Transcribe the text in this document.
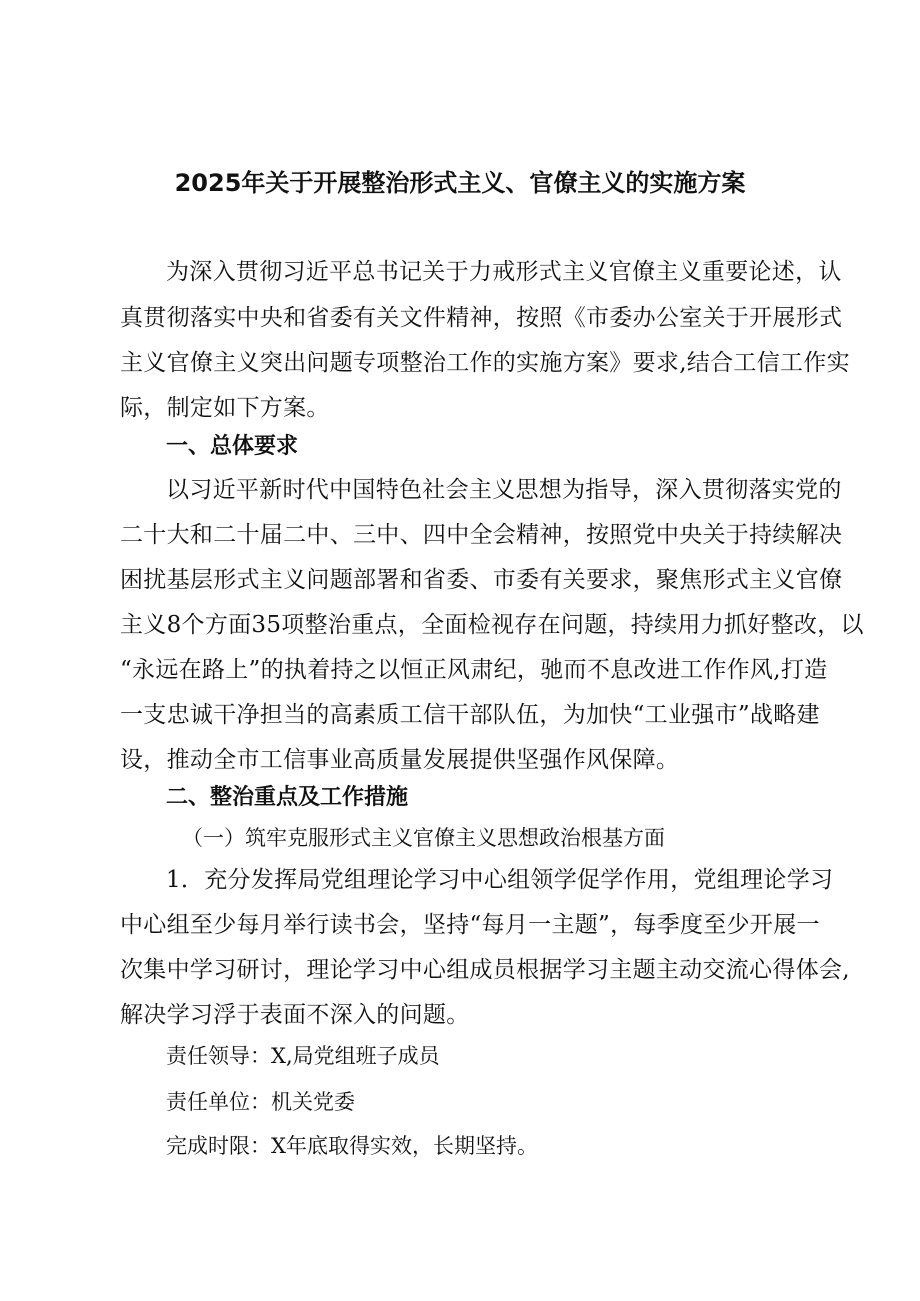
2025年关于开展整治形式主义、官僚主义的实施方案
为深入贯彻习近平总书记关于力戒形式主义官僚主义重要论述，认
真贯彻落实中央和省委有关文件精神，按照《市委办公室关于开展形式
主义官僚主义突出问题专项整治工作的实施方案》要求,结合工信工作实
际，制定如下方案。
一、总体要求
以习近平新时代中国特色社会主义思想为指导，深入贯彻落实党的
二十大和二十届二中、三中、四中全会精神，按照党中央关于持续解决
困扰基层形式主义问题部署和省委、市委有关要求，聚焦形式主义官僚
主义8个方面35项整治重点，全面检视存在问题，持续用力抓好整改，以
“永远在路上”的执着持之以恒正风肃纪，驰而不息改进工作作风,打造
一支忠诚干净担当的高素质工信干部队伍，为加快“工业强市”战略建
设，推动全市工信事业高质量发展提供坚强作风保障。
二、整治重点及工作措施
（一）筑牢克服形式主义官僚主义思想政治根基方面
1．充分发挥局党组理论学习中心组领学促学作用，党组理论学习
中心组至少每月举行读书会，坚持“每月一主题”，每季度至少开展一
次集中学习研讨，理论学习中心组成员根据学习主题主动交流心得体会,
解决学习浮于表面不深入的问题。
责任领导：X,局党组班子成员
责任单位：机关党委
完成时限：X年底取得实效，长期坚持。
